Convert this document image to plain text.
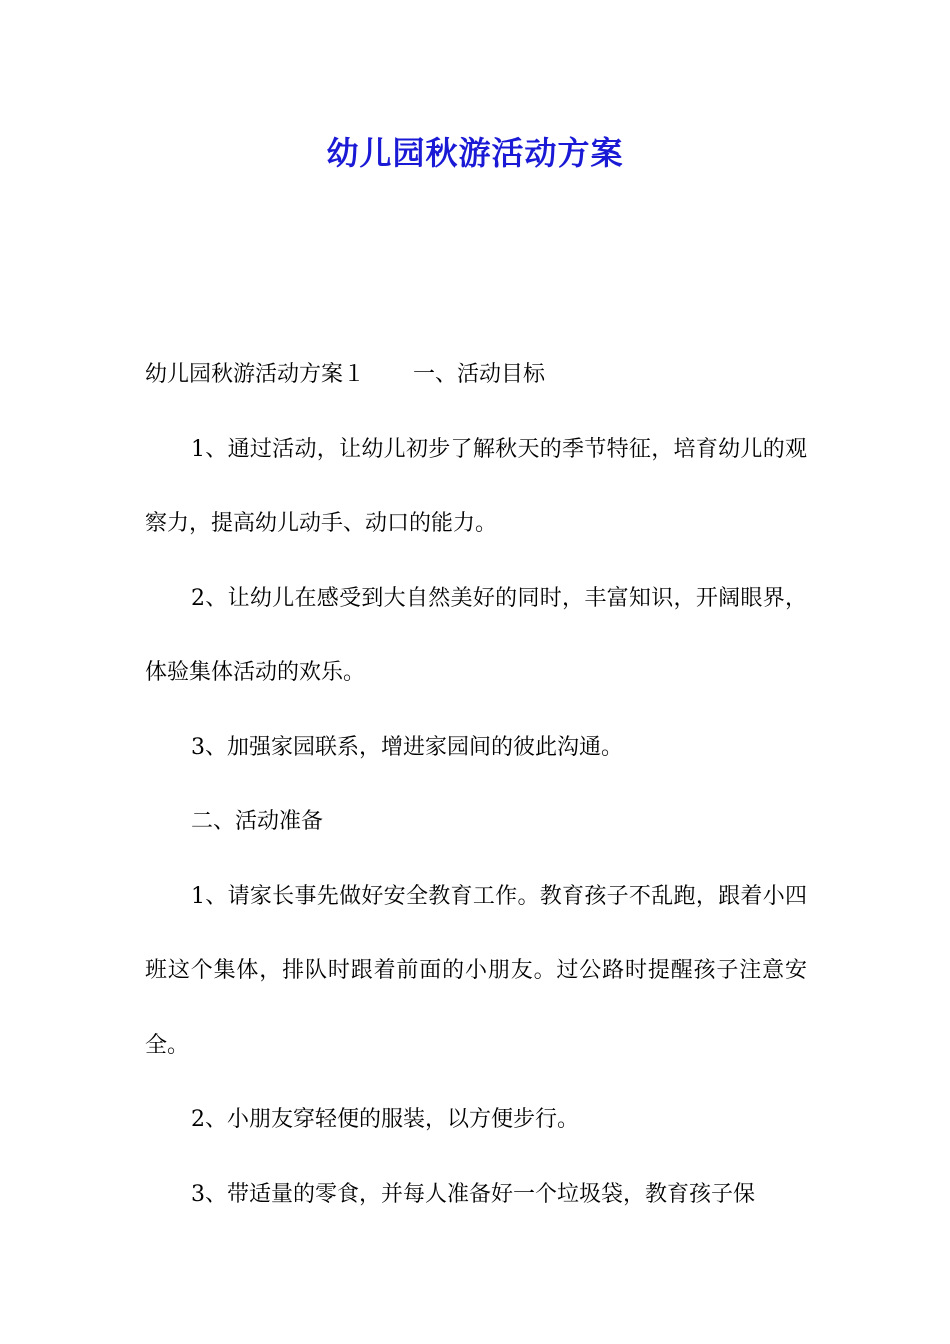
幼儿园秋游活动方案

幼儿园秋游活动方案１ 一、活动目标

1、通过活动，让幼儿初步了解秋天的季节特征，培育幼儿的观察力，提高幼儿动手、动口的能力。

2、让幼儿在感受到大自然美好的同时，丰富知识，开阔眼界，体验集体活动的欢乐。

3、加强家园联系，增进家园间的彼此沟通。

二、活动准备

1、请家长事先做好安全教育工作。教育孩子不乱跑，跟着小四班这个集体，排队时跟着前面的小朋友。过公路时提醒孩子注意安全。

2、小朋友穿轻便的服装，以方便步行。

3、带适量的零食，并每人准备好一个垃圾袋，教育孩子保
